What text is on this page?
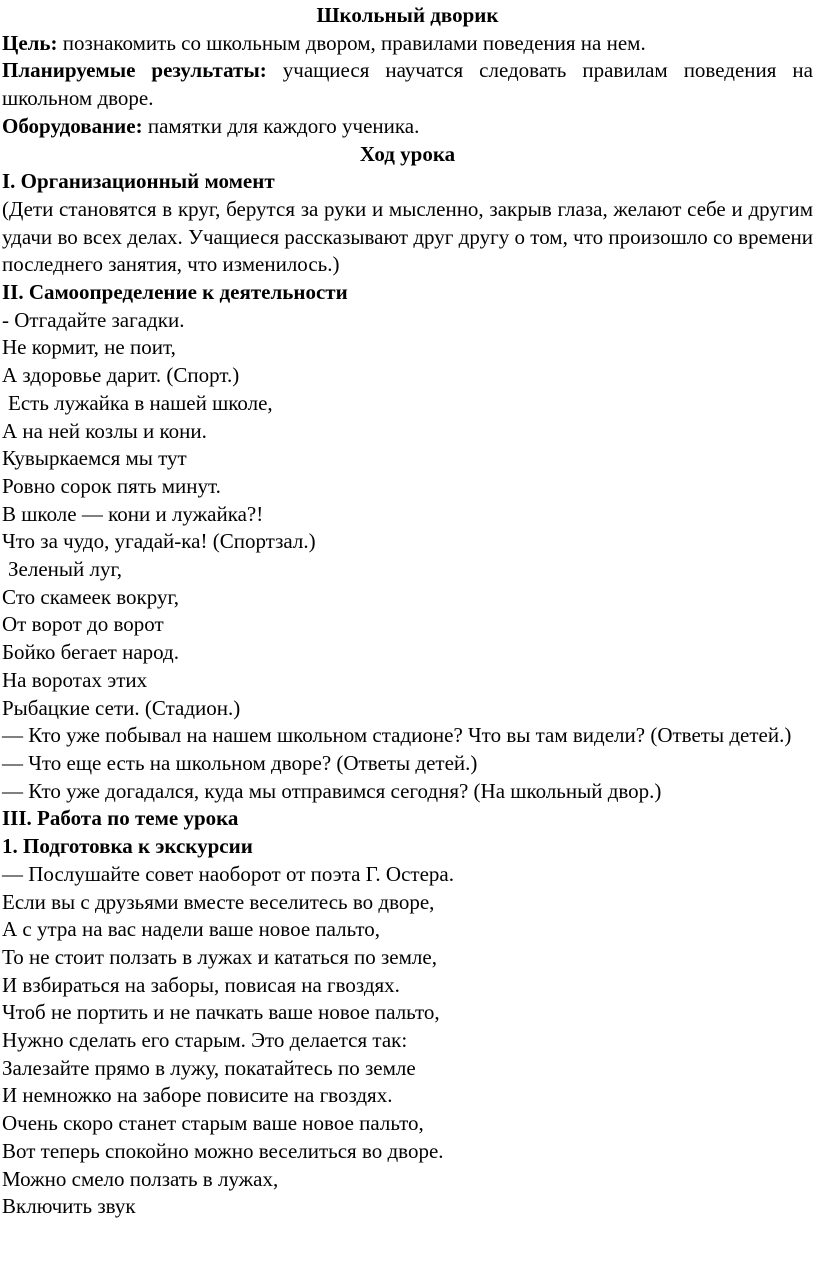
Школьный дворик
Цель: познакомить со школьным двором, правилами поведения на нем.
Планируемые результаты: учащиеся научатся следовать правилам поведения на школьном дворе.
Оборудование: памятки для каждого ученика.
Ход урока
I. Организационный момент
(Дети становятся в круг, берутся за руки и мысленно, закрыв глаза, желают себе и другим удачи во всех делах. Учащиеся рассказывают друг другу о том, что произошло со времени последнего занятия, что изменилось.)
II. Самоопределение к деятельности
- Отгадайте загадки.
Не кормит, не поит,
А здоровье дарит. (Спорт.)
Есть лужайка в нашей школе,
А на ней козлы и кони.
Кувыркаемся мы тут
Ровно сорок пять минут.
В школе — кони и лужайка?!
Что за чудо, угадай-ка! (Спортзал.)
Зеленый луг,
Сто скамеек вокруг,
От ворот до ворот
Бойко бегает народ.
На воротах этих
Рыбацкие сети. (Стадион.)
— Кто уже побывал на нашем школьном стадионе? Что вы там видели? (Ответы детей.)
— Что еще есть на школьном дворе? (Ответы детей.)
— Кто уже догадался, куда мы отправимся сегодня? (На школьный двор.)
III. Работа по теме урока
1. Подготовка к экскурсии
— Послушайте совет наоборот от поэта Г. Остера.
Если вы с друзьями вместе веселитесь во дворе,
А с утра на вас надели ваше новое пальто,
То не стоит ползать в лужах и кататься по земле,
И взбираться на заборы, повисая на гвоздях.
Чтоб не портить и не пачкать ваше новое пальто,
Нужно сделать его старым. Это делается так:
Залезайте прямо в лужу, покатайтесь по земле
И немножко на заборе повисите на гвоздях.
Очень скоро станет старым ваше новое пальто,
Вот теперь спокойно можно веселиться во дворе.
Можно смело ползать в лужах,
Включить звук
